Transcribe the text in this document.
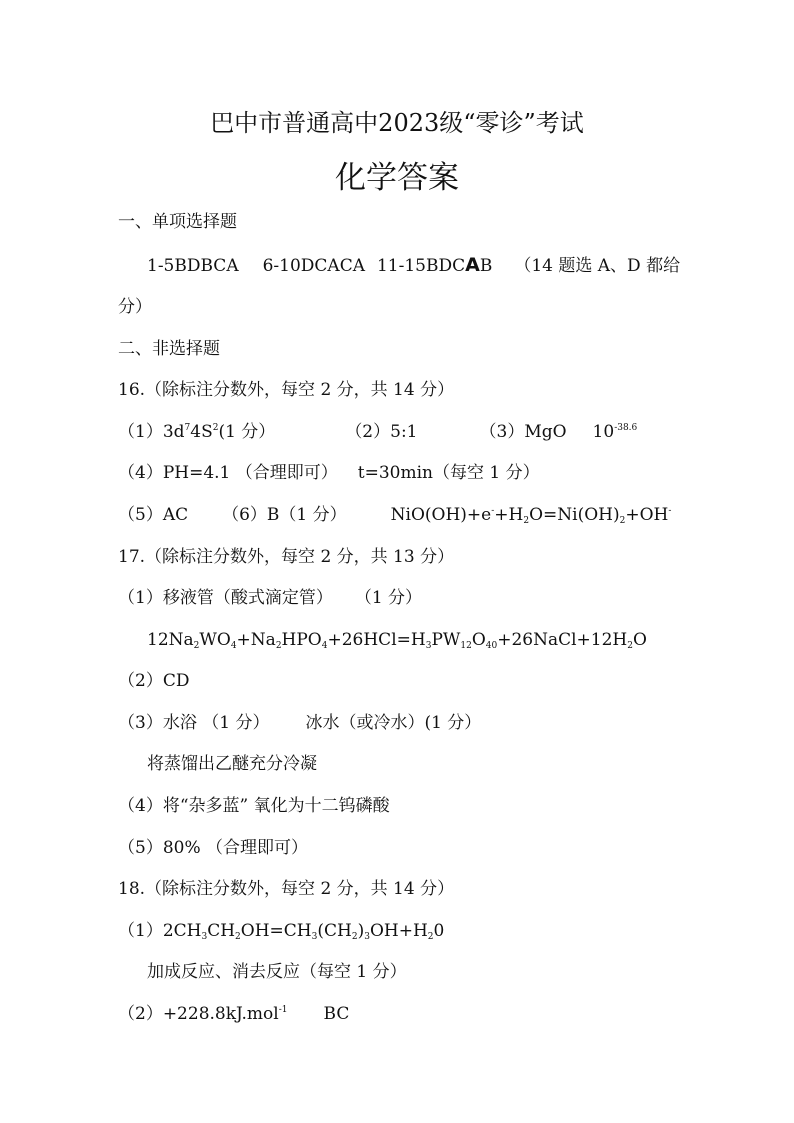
巴中市普通高中2023级“零诊”考试
化学答案
一、单项选择题
1-5BDBCA 6-10DCACA 11-15BDCAB （14 题选 A、D 都给
分）
二、非选择题
16.（除标注分数外，每空 2 分，共 14 分）
$(1)3d^74S^2(1$ 分）	（2）5:1	（3）MgO $10^{-38.6}$
（4）PH=4.1 （合理即可） t=30min（每空 1 分）
（5）AC （6）B（1 分）	$NiO(OH)+e^-+H_2O=Ni(OH)_2+OH^-$
17.（除标注分数外，每空 2 分，共 13 分）
（1）移液管（酸式滴定管） （1 分）
$12Na_2WO_4+Na_2HPO_4+26HCl=H_3PW_{12}O_{40}+26NaCl+12H_2O$
（2）CD
（3）水浴 （1 分） 冰水（或冷水）(1 分）
将蒸馏出乙醚充分冷凝
（4）将“杂多蓝” 氧化为十二钨磷酸
（5）80% （合理即可）
18.（除标注分数外，每空 2 分，共 14 分）
$(1)2CH_3CH_2OH=CH_3(CH_2)_3OH+H_20$
加成反应、消去反应（每空 1 分）
（2）+228.8kJ.mol$^{-1}$ BC
